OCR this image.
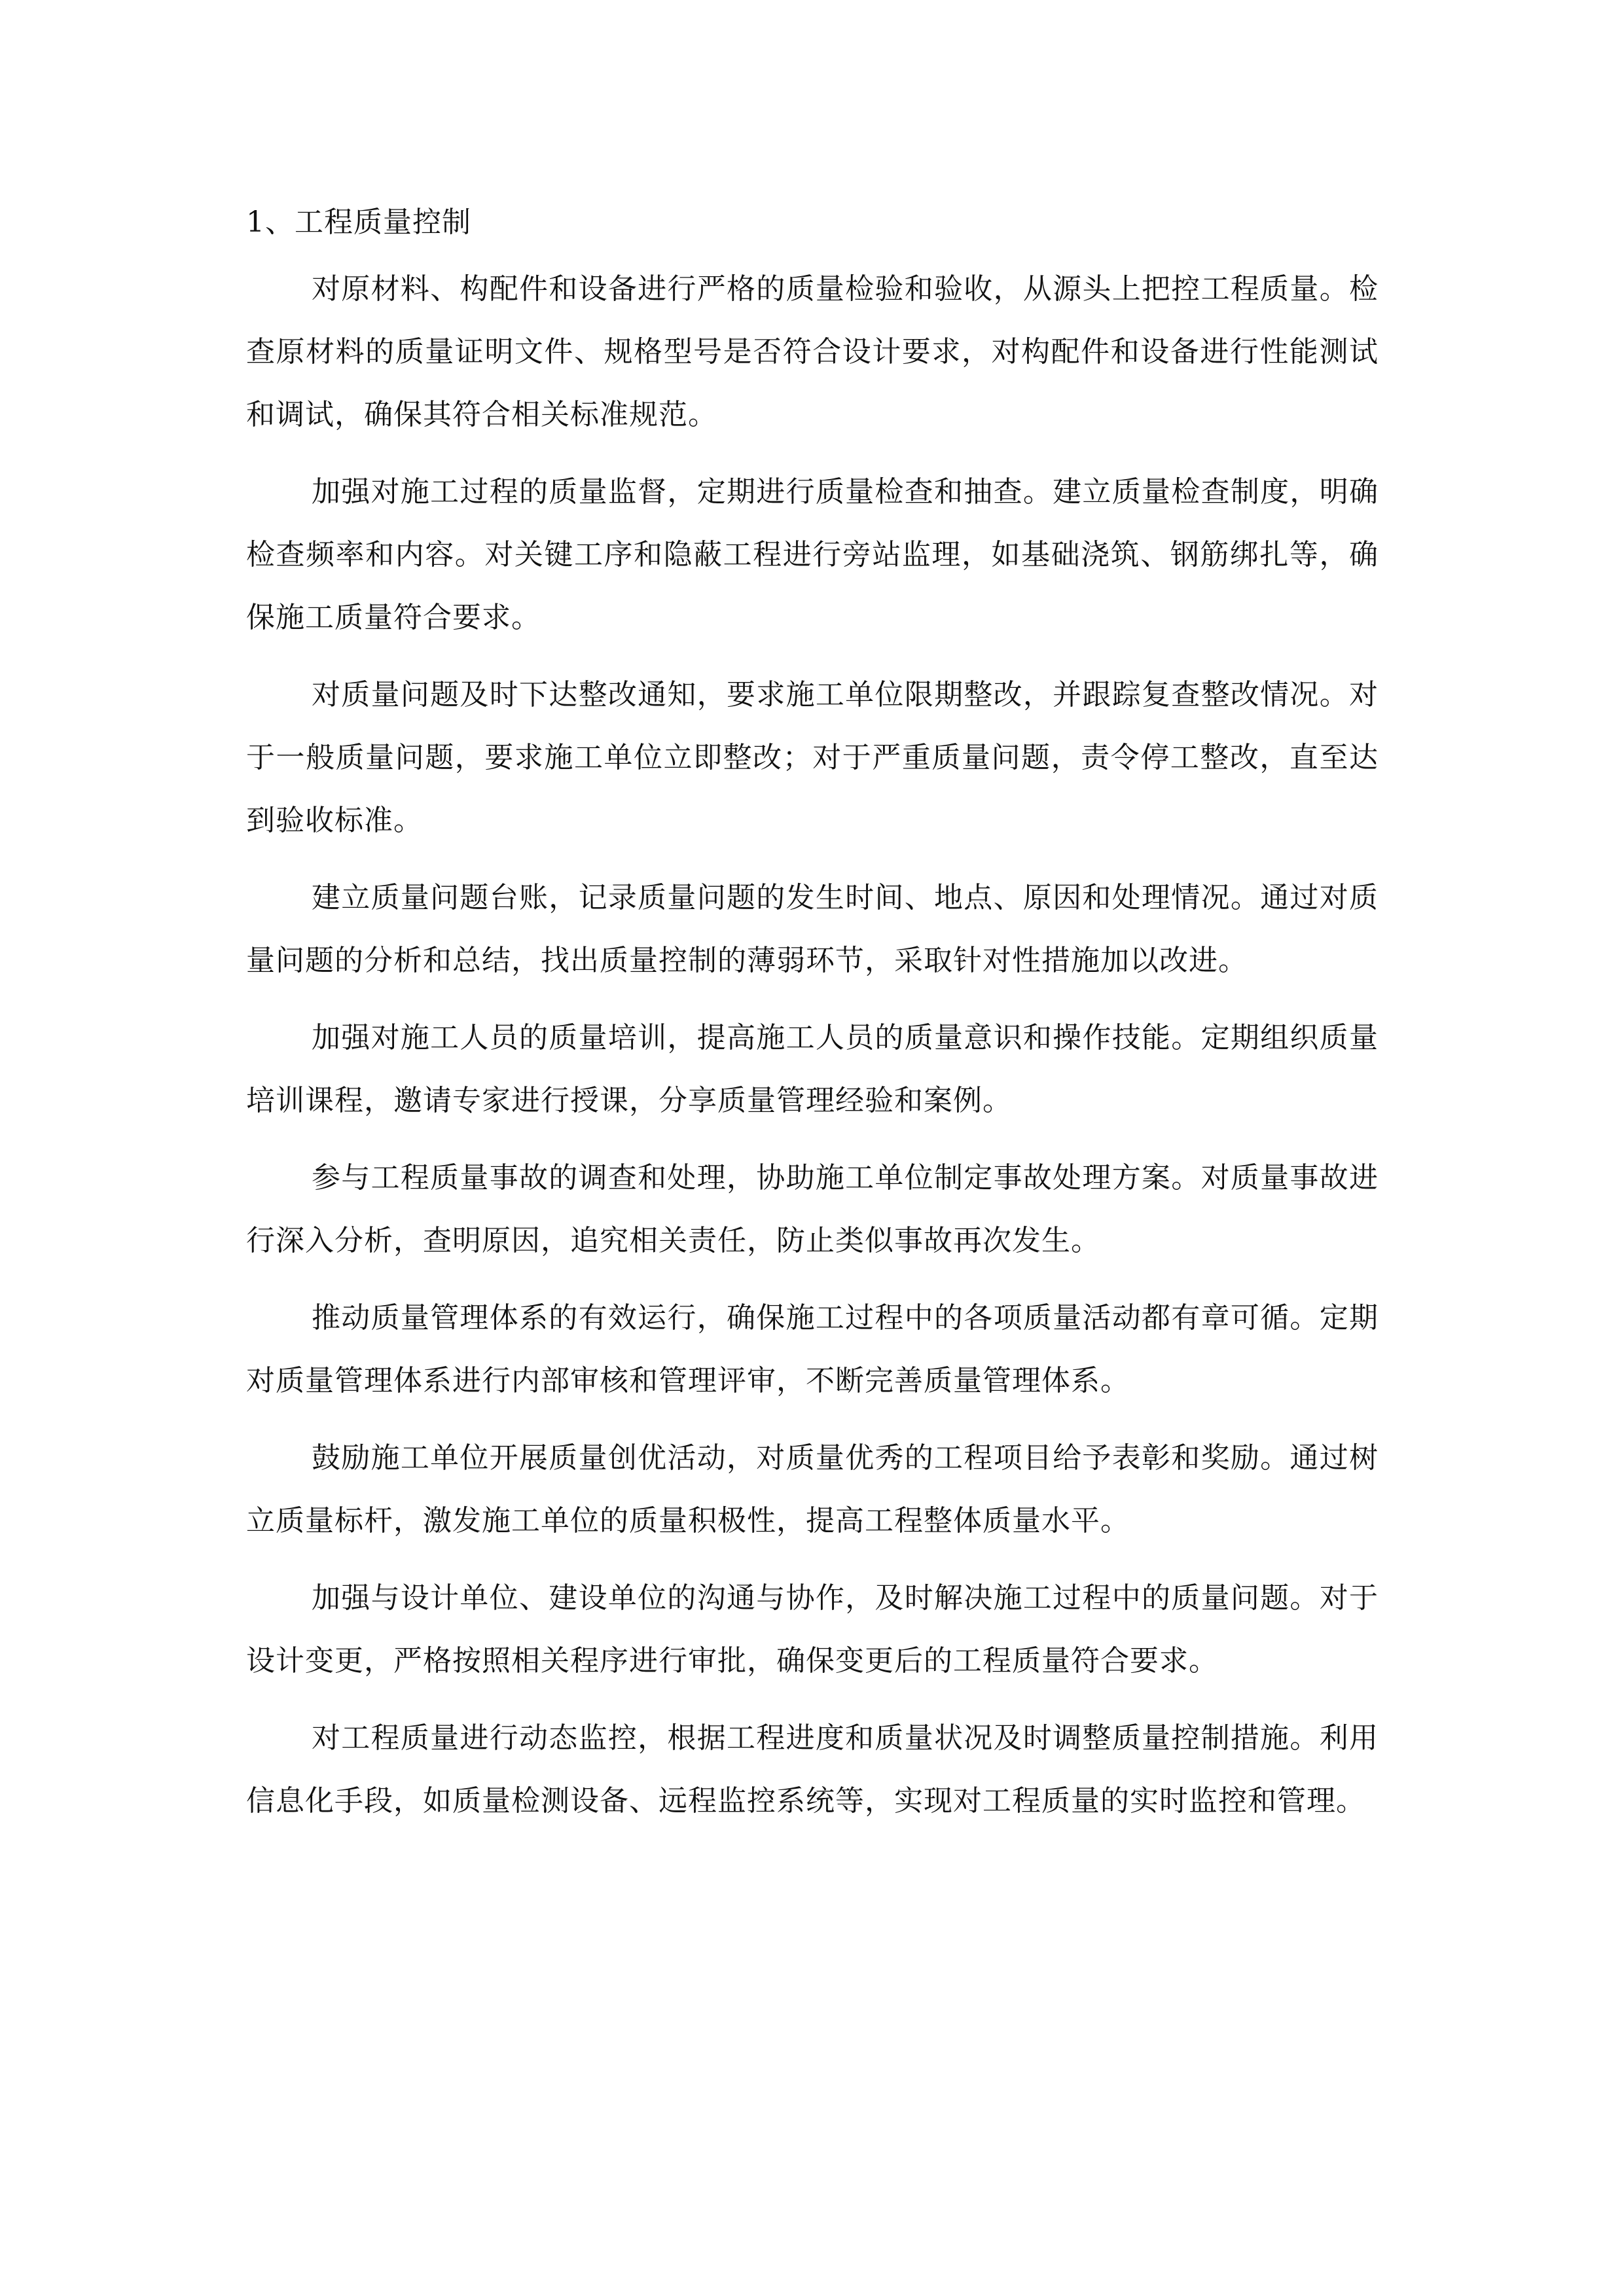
1、工程质量控制

对原材料、构配件和设备进行严格的质量检验和验收，从源头上把控工程质量。检查原材料的质量证明文件、规格型号是否符合设计要求，对构配件和设备进行性能测试和调试，确保其符合相关标准规范。

加强对施工过程的质量监督，定期进行质量检查和抽查。建立质量检查制度，明确检查频率和内容。对关键工序和隐蔽工程进行旁站监理，如基础浇筑、钢筋绑扎等，确保施工质量符合要求。

对质量问题及时下达整改通知，要求施工单位限期整改，并跟踪复查整改情况。对于一般质量问题，要求施工单位立即整改；对于严重质量问题，责令停工整改，直至达到验收标准。

建立质量问题台账，记录质量问题的发生时间、地点、原因和处理情况。通过对质量问题的分析和总结，找出质量控制的薄弱环节，采取针对性措施加以改进。

加强对施工人员的质量培训，提高施工人员的质量意识和操作技能。定期组织质量培训课程，邀请专家进行授课，分享质量管理经验和案例。

参与工程质量事故的调查和处理，协助施工单位制定事故处理方案。对质量事故进行深入分析，查明原因，追究相关责任，防止类似事故再次发生。

推动质量管理体系的有效运行，确保施工过程中的各项质量活动都有章可循。定期对质量管理体系进行内部审核和管理评审，不断完善质量管理体系。

鼓励施工单位开展质量创优活动，对质量优秀的工程项目给予表彰和奖励。通过树立质量标杆，激发施工单位的质量积极性，提高工程整体质量水平。

加强与设计单位、建设单位的沟通与协作，及时解决施工过程中的质量问题。对于设计变更，严格按照相关程序进行审批，确保变更后的工程质量符合要求。

对工程质量进行动态监控，根据工程进度和质量状况及时调整质量控制措施。利用信息化手段，如质量检测设备、远程监控系统等，实现对工程质量的实时监控和管理。
